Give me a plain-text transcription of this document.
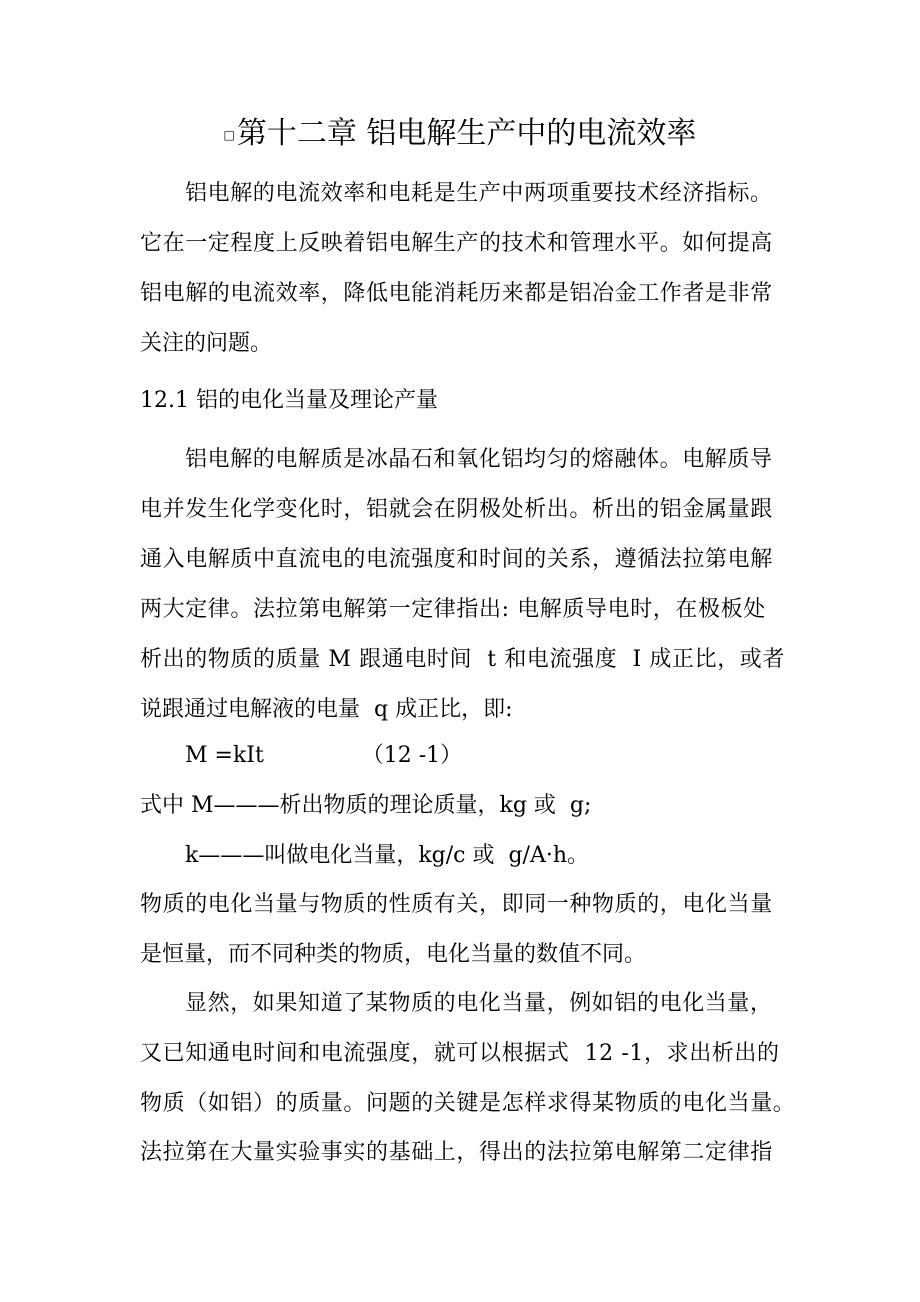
□第十二章 铝电解生产中的电流效率
铝电解的电流效率和电耗是生产中两项重要技术经济指标。
它在一定程度上反映着铝电解生产的技术和管理水平。如何提高
铝电解的电流效率，降低电能消耗历来都是铝冶金工作者是非常
关注的问题。
12.1 铝的电化当量及理论产量
铝电解的电解质是冰晶石和氧化铝均匀的熔融体。电解质导
电并发生化学变化时，铝就会在阴极处析出。析出的铝金属量跟
通入电解质中直流电的电流强度和时间的关系，遵循法拉第电解
两大定律。法拉第电解第一定律指出: 电解质导电时，在极板处
析出的物质的质量 M 跟通电时间  t 和电流强度  I 成正比，或者
说跟通过电解液的电量  q 成正比，即:
M =kIt              （12 -1）
式中 M———析出物质的理论质量，kg 或  g;
k———叫做电化当量，kg/c 或  g/A·h。
物质的电化当量与物质的性质有关，即同一种物质的，电化当量
是恒量，而不同种类的物质，电化当量的数值不同。
显然，如果知道了某物质的电化当量，例如铝的电化当量，
又已知通电时间和电流强度，就可以根据式  12 -1，求出析出的
物质（如铝）的质量。问题的关键是怎样求得某物质的电化当量。
法拉第在大量实验事实的基础上，得出的法拉第电解第二定律指
